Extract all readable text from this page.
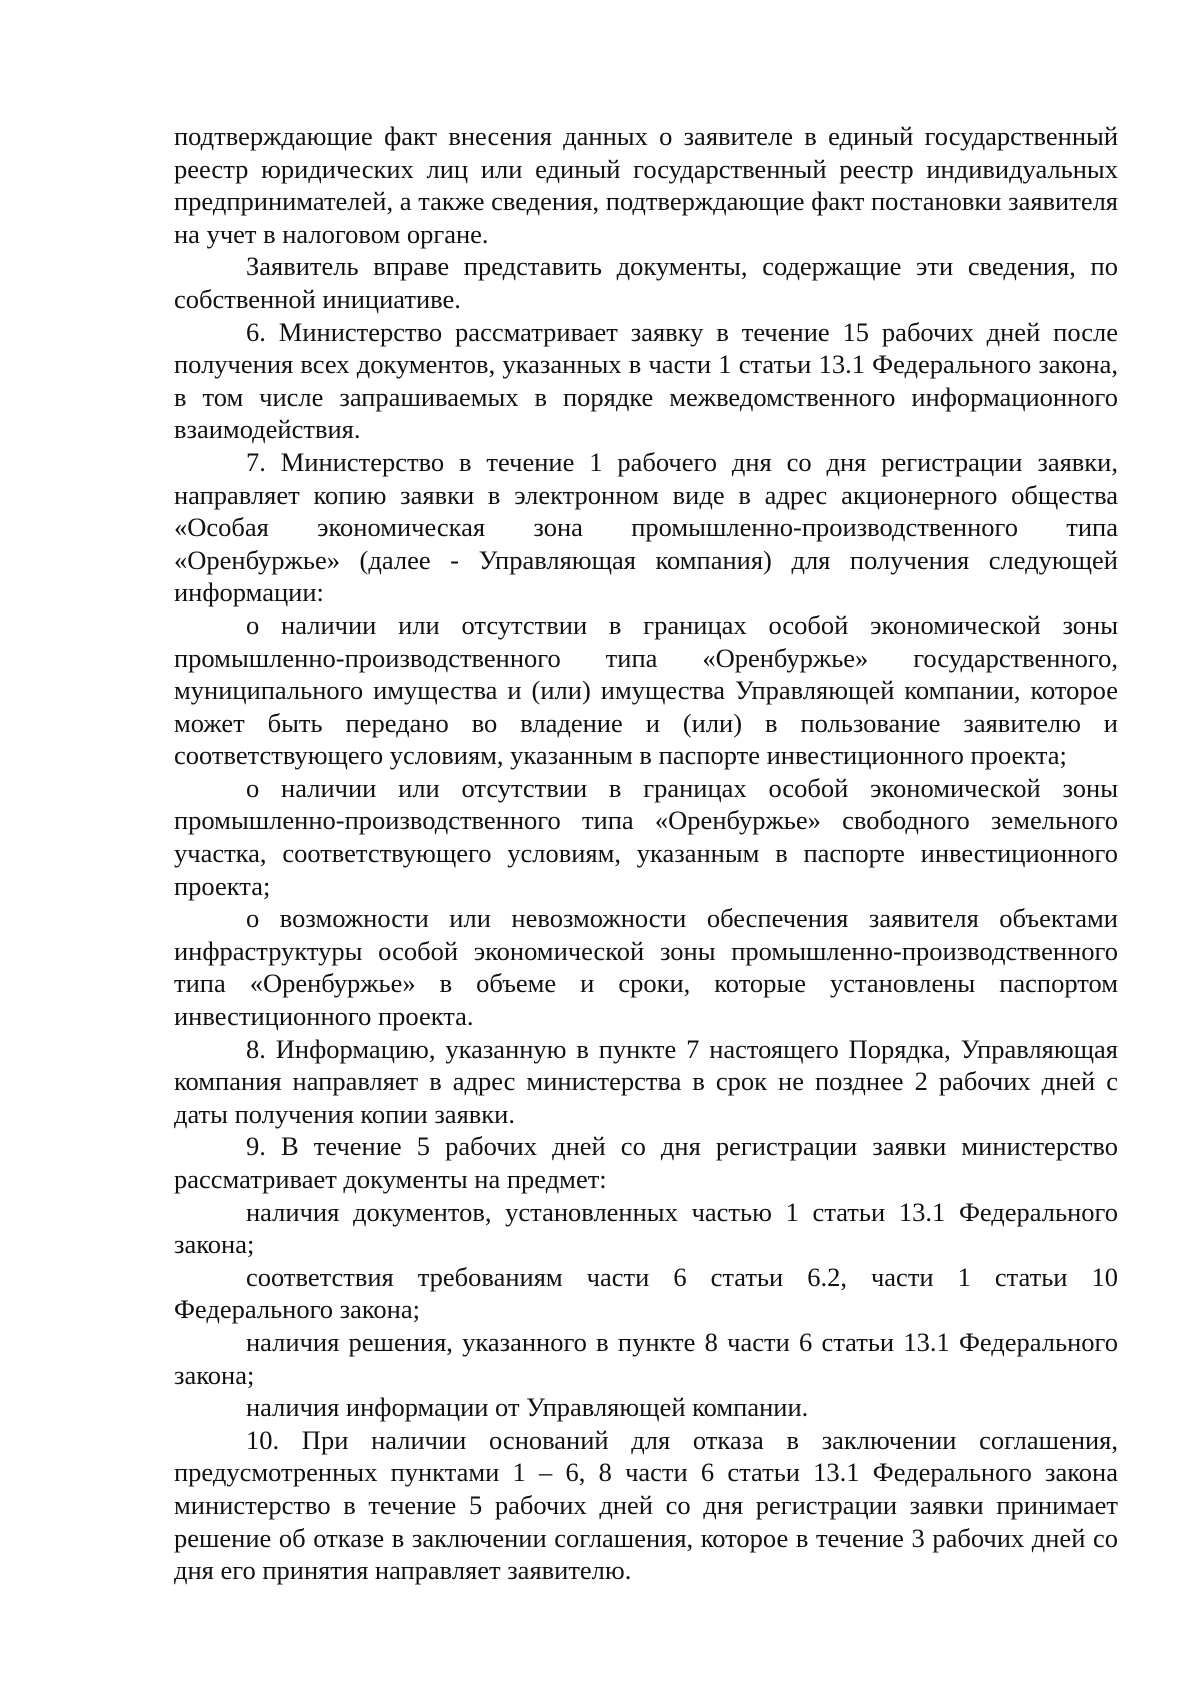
подтверждающие факт внесения данных о заявителе в единый государственный реестр юридических лиц или единый государственный реестр индивидуальных предпринимателей, а также сведения, подтверждающие факт постановки заявителя на учет в налоговом органе.

Заявитель вправе представить документы, содержащие эти сведения, по собственной инициативе.

6. Министерство рассматривает заявку в течение 15 рабочих дней после получения всех документов, указанных в части 1 статьи 13.1 Федерального закона, в том числе запрашиваемых в порядке межведомственного информационного взаимодействия.

7. Министерство в течение 1 рабочего дня со дня регистрации заявки, направляет копию заявки в электронном виде в адрес акционерного общества «Особая экономическая зона промышленно-производственного типа «Оренбуржье» (далее - Управляющая компания) для получения следующей информации:

о наличии или отсутствии в границах особой экономической зоны промышленно-производственного типа «Оренбуржье» государственного, муниципального имущества и (или) имущества Управляющей компании, которое может быть передано во владение и (или) в пользование заявителю и соответствующего условиям, указанным в паспорте инвестиционного проекта;

о наличии или отсутствии в границах особой экономической зоны промышленно-производственного типа «Оренбуржье» свободного земельного участка, соответствующего условиям, указанным в паспорте инвестиционного проекта;

о возможности или невозможности обеспечения заявителя объектами инфраструктуры особой экономической зоны промышленно-производственного типа «Оренбуржье» в объеме и сроки, которые установлены паспортом инвестиционного проекта.

8. Информацию, указанную в пункте 7 настоящего Порядка, Управляющая компания направляет в адрес министерства в срок не позднее 2 рабочих дней с даты получения копии заявки.

9. В течение 5 рабочих дней со дня регистрации заявки министерство рассматривает документы на предмет:

наличия документов, установленных частью 1 статьи 13.1 Федерального закона;

соответствия требованиям части 6 статьи 6.2, части 1 статьи 10 Федерального закона;

наличия решения, указанного в пункте 8 части 6 статьи 13.1 Федерального закона;

наличия информации от Управляющей компании.

10. При наличии оснований для отказа в заключении соглашения, предусмотренных пунктами 1 – 6, 8 части 6 статьи 13.1 Федерального закона министерство в течение 5 рабочих дней со дня регистрации заявки принимает решение об отказе в заключении соглашения, которое в течение 3 рабочих дней со дня его принятия направляет заявителю.
